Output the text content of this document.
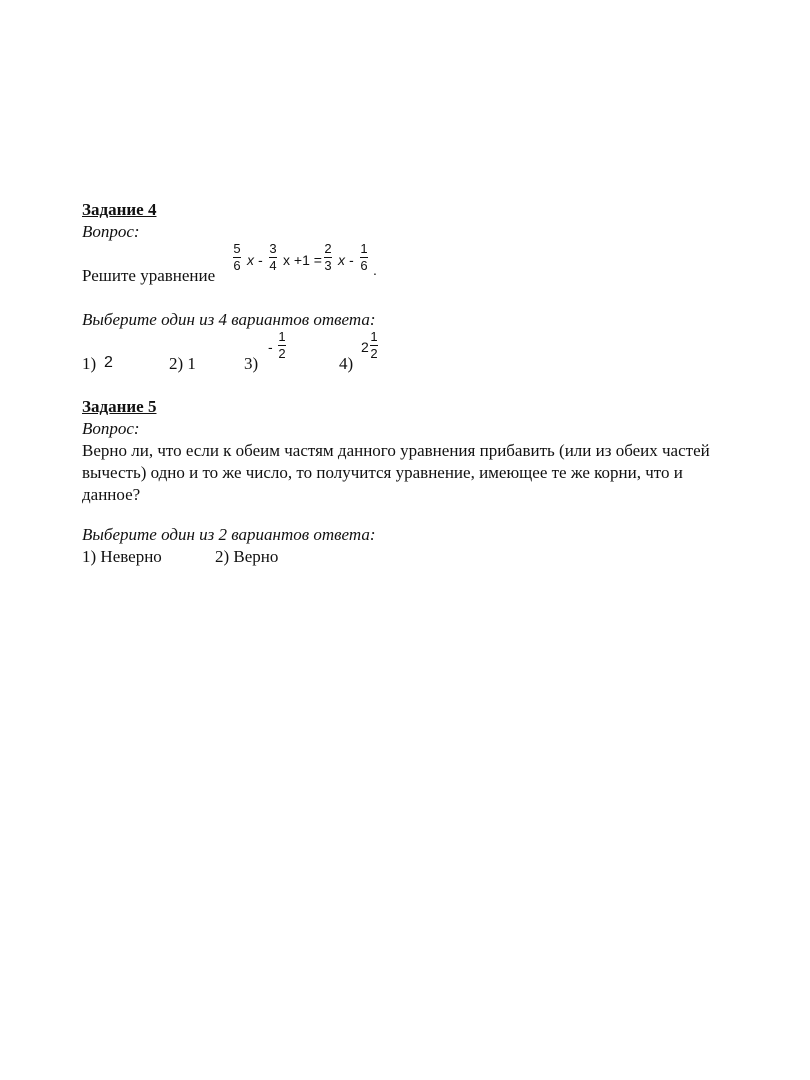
Задание 4
Вопрос:
Решите уравнение
5
6 x -
3
4 x +1 =
2
3 x -
1
6 .
Выберите один из 4 вариантов ответа:
1) 2	2) 1	3)
-
1
2
4)
2
1
2
Задание 5
Вопрос:
Верно ли, что если к обеим частям данного уравнения прибавить (или из обеих частей вычесть) одно и то же число, то получится уравнение, имеющее те же корни, что и данное?
Выберите один из 2 вариантов ответа:
1) Неверно	2) Верно
